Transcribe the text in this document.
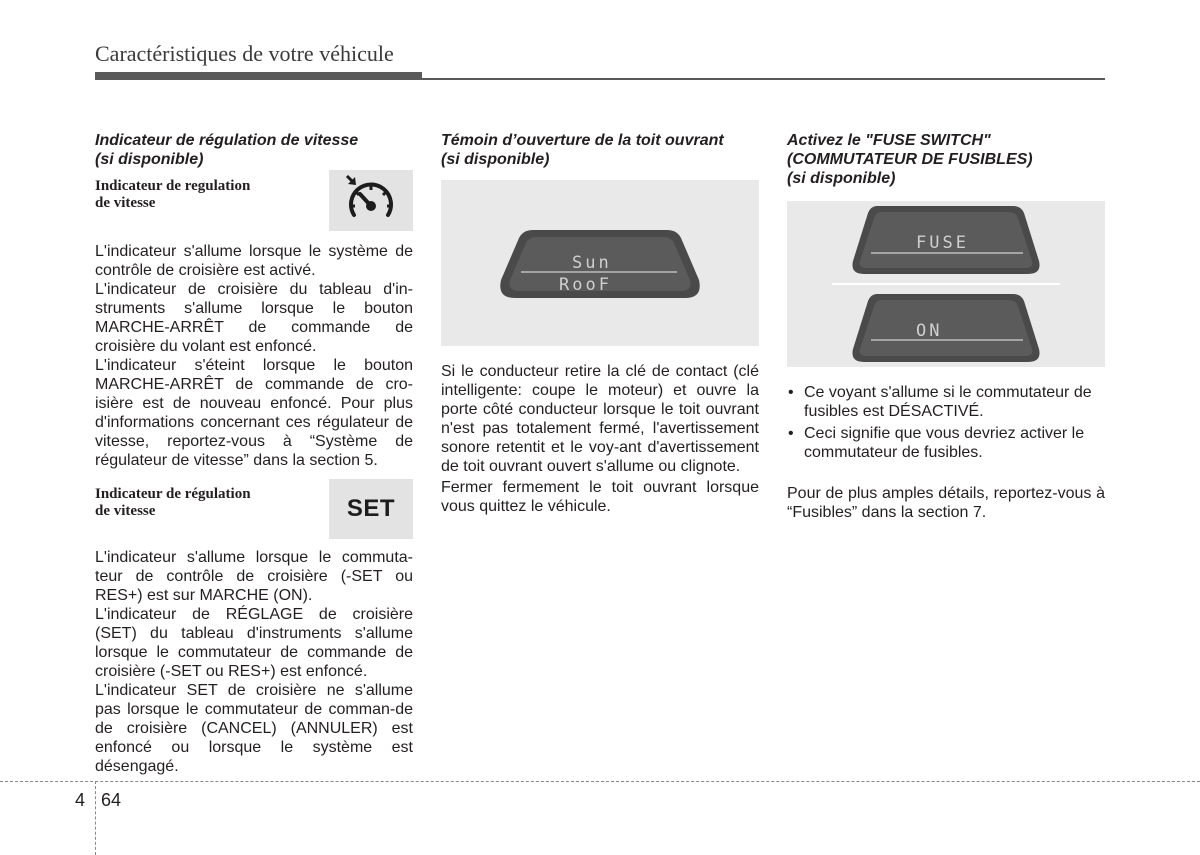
Caractéristiques de votre véhicule

Indicateur de régulation de vitesse
(si disponible)

Indicateur de regulation
de vitesse

L'indicateur s'allume lorsque le système de contrôle de croisière est activé.

L'indicateur de croisière du tableau d'in-struments s'allume lorsque le bouton MARCHE-ARRÊT de commande de croisière du volant est enfoncé.

L'indicateur s'éteint lorsque le bouton MARCHE-ARRÊT de commande de cro-isière est de nouveau enfoncé. Pour plus d'informations concernant ces régulateur de vitesse, reportez-vous à “Système de régulateur de vitesse” dans la section 5.

Indicateur de régulation
de vitesse	SET

L'indicateur s'allume lorsque le commuta-teur de contrôle de croisière (-SET ou RES+) est sur MARCHE (ON).

L'indicateur de RÉGLAGE de croisière (SET) du tableau d'instruments s'allume lorsque le commutateur de commande de croisière (-SET ou RES+) est enfoncé.

L'indicateur SET de croisière ne s'allume pas lorsque le commutateur de comman-de de croisière (CANCEL) (ANNULER) est enfoncé ou lorsque le système est désengagé.

Témoin d’ouverture de la toit ouvrant
(si disponible)

Sun
RooF

Si le conducteur retire la clé de contact (clé intelligente: coupe le moteur) et ouvre la porte côté conducteur lorsque le toit ouvrant n'est pas totalement fermé, l'avertissement sonore retentit et le voy-ant d'avertissement de toit ouvrant ouvert s'allume ou clignote.

Fermer fermement le toit ouvrant lorsque vous quittez le véhicule.

Activez le "FUSE SWITCH"
(COMMUTATEUR DE FUSIBLES)
(si disponible)

FUSE
ON
• Ce voyant s'allume si le commutateur de fusibles est DÉSACTIVÉ.
• Ceci signifie que vous devriez activer le commutateur de fusibles.

Pour de plus amples détails, reportez-vous à “Fusibles” dans la section 7.

4 64
